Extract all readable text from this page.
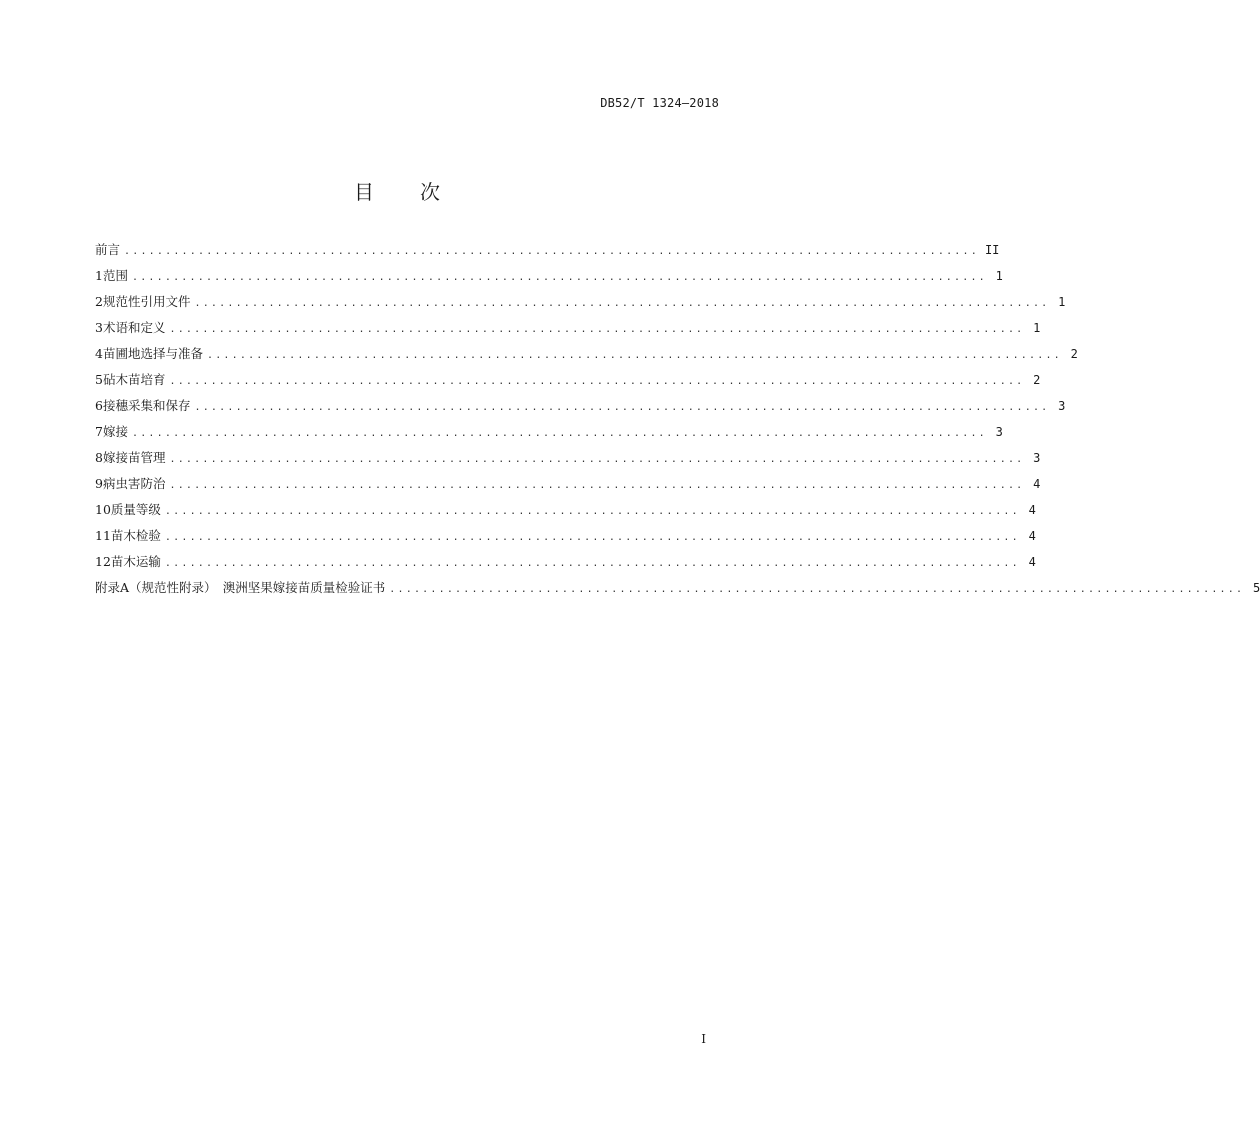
DB52/T 1324—2018
目 次
前言 ........................................................................................................ II
1 范围 ........................................................................................................ 1
2 规范性引用文件 ........................................................................................................ 1
3 术语和定义 ........................................................................................................ 1
4 苗圃地选择与准备 ........................................................................................................ 2
5 砧木苗培育 ........................................................................................................ 2
6 接穗采集和保存 ........................................................................................................ 3
7 嫁接 ........................................................................................................ 3
8 嫁接苗管理 ........................................................................................................ 3
9 病虫害防治 ........................................................................................................ 4
10 质量等级 ........................................................................................................ 4
11 苗木检验 ........................................................................................................ 4
12 苗木运输 ........................................................................................................ 4
附录A（规范性附录）　澳洲坚果嫁接苗质量检验证书 ........................................................................................................ 5
I
